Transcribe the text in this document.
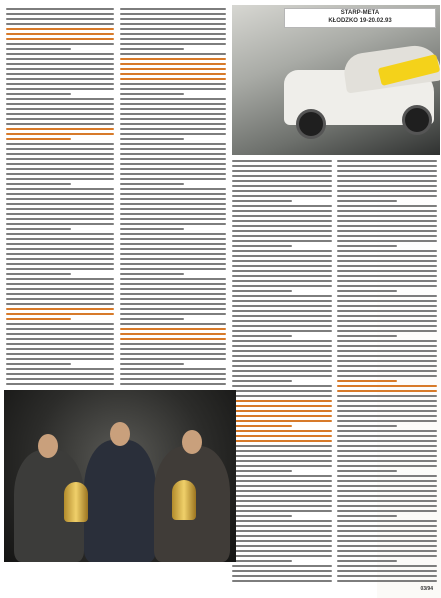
STARP-META
KŁODZKO 19-20.02.93
03/94
